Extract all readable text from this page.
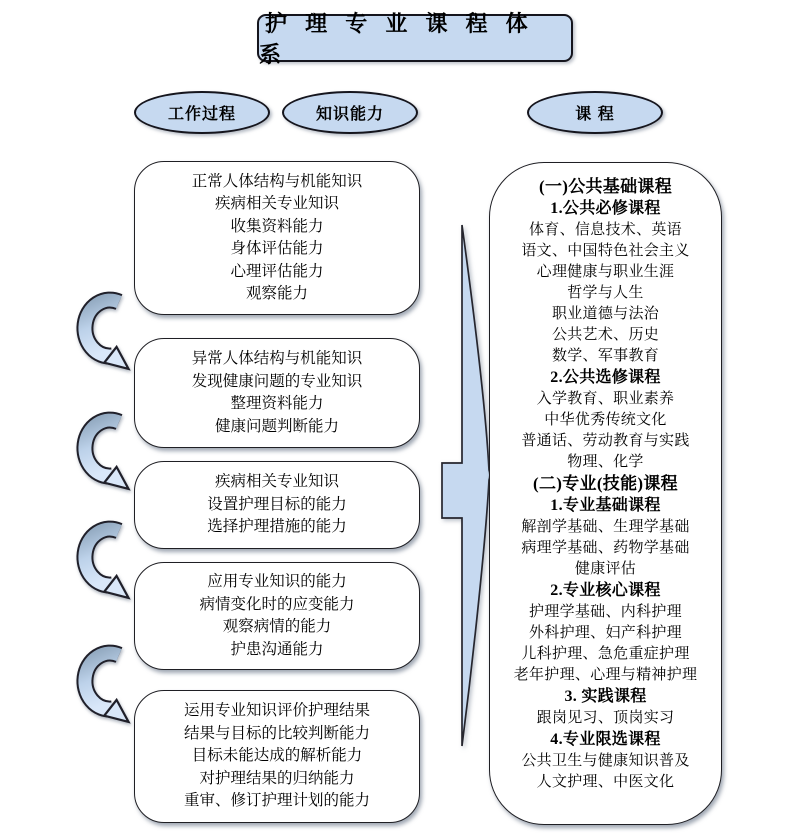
护 理 专 业 课 程 体 系
工作过程	知识能力	课 程
正常人体结构与机能知识
疾病相关专业知识
收集资料能力
身体评估能力
心理评估能力
观察能力
异常人体结构与机能知识
发现健康问题的专业知识
整理资料能力
健康问题判断能力
疾病相关专业知识
设置护理目标的能力
选择护理措施的能力
应用专业知识的能力
病情变化时的应变能力
观察病情的能力
护患沟通能力
运用专业知识评价护理结果
结果与目标的比较判断能力
目标未能达成的解析能力
对护理结果的归纳能力
重审、修订护理计划的能力
(一)公共基础课程
1.公共必修课程
体育、信息技术、英语
语文、中国特色社会主义
心理健康与职业生涯
哲学与人生
职业道德与法治
公共艺术、历史
数学、军事教育
2.公共选修课程
入学教育、职业素养
中华优秀传统文化
普通话、劳动教育与实践
物理、化学
(二)专业(技能)课程
1.专业基础课程
解剖学基础、生理学基础
病理学基础、药物学基础
健康评估
2.专业核心课程
护理学基础、内科护理
外科护理、妇产科护理
儿科护理、急危重症护理
老年护理、心理与精神护理
3. 实践课程
跟岗见习、顶岗实习
4.专业限选课程
公共卫生与健康知识普及
人文护理、中医文化
